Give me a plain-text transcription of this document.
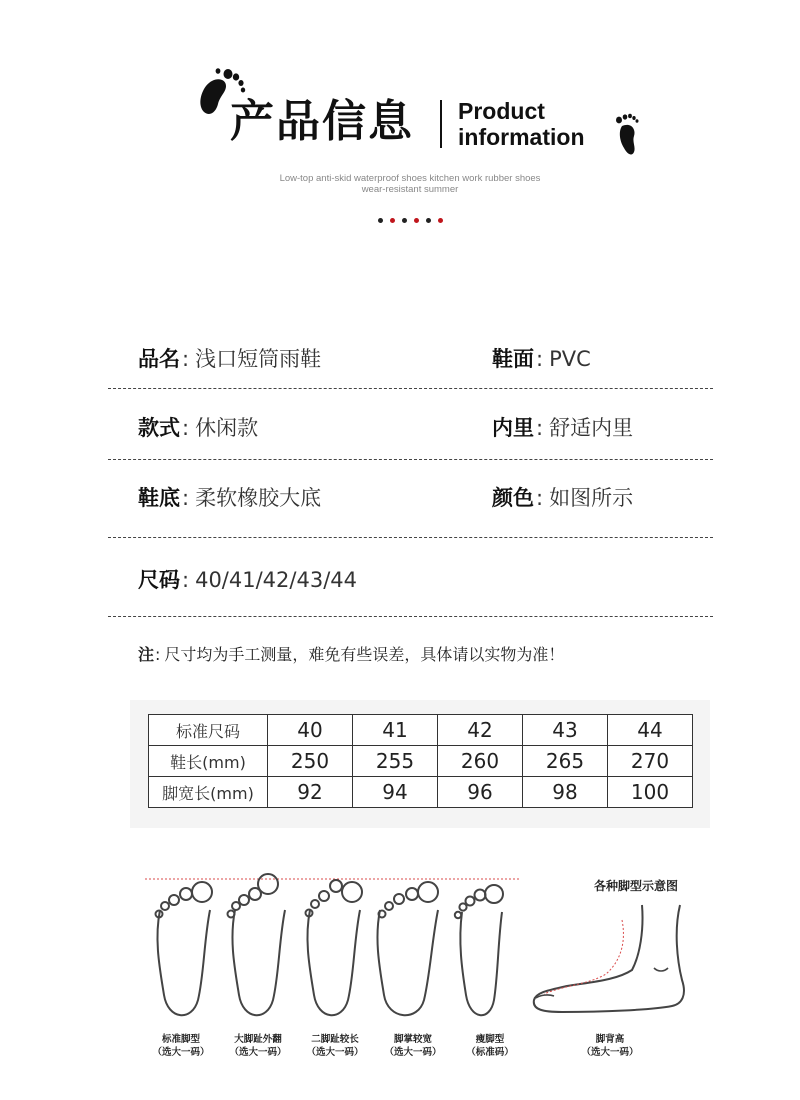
产品信息 Product
information
Low-top anti-skid waterproof shoes kitchen work rubber shoes
wear-resistant summer
品名: 浅口短筒雨鞋	鞋面: PVC
款式: 休闲款	内里: 舒适内里
鞋底: 柔软橡胶大底	颜色: 如图所示
尺码: 40/41/42/43/44
注: 尺寸均为手工测量，难免有些误差，具体请以实物为准！
标准尺码	40	41	42	43	44
鞋长(mm)	250	255	260	265	270
脚宽长(mm)	92	94	96	98	100
标准脚型
（选大一码）
大脚趾外翻
（选大一码）
二脚趾较长
（选大一码）
脚掌较宽
（选大一码）
瘦脚型
（标准码）
各种脚型示意图
脚背高
（选大一码）
